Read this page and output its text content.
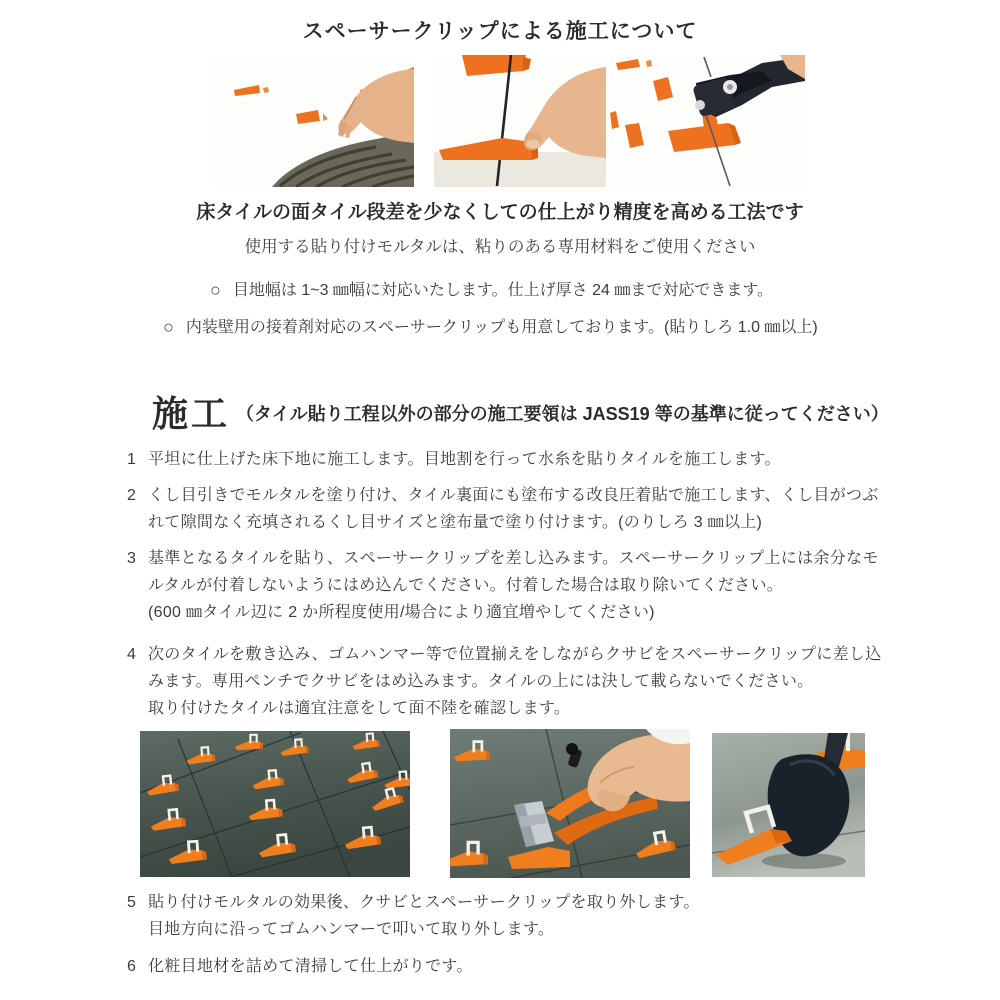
スペーサークリップによる施工について
床タイルの面タイル段差を少なくしての仕上がり精度を高める工法です
使用する貼り付けモルタルは、粘りのある専用材料をご使用ください
○ 目地幅は 1~3 ㎜幅に対応いたします。仕上げ厚さ 24 ㎜まで対応できます。
○ 内装壁用の接着剤対応のスペーサークリップも用意しております。(貼りしろ 1.0 ㎜以上)
施工 （タイル貼り工程以外の部分の施工要領は JASS19 等の基準に従ってください）
1 平坦に仕上げた床下地に施工します。目地割を行って水糸を貼りタイルを施工します。
2 くし目引きでモルタルを塗り付け、タイル裏面にも塗布する改良圧着貼で施工します、くし目がつぶ
れて隙間なく充填されるくし目サイズと塗布量で塗り付けます。(のりしろ 3 ㎜以上)
3 基準となるタイルを貼り、スペーサークリップを差し込みます。スペーサークリップ上には余分なモ
ルタルが付着しないようにはめ込んでください。付着した場合は取り除いてください。
(600 ㎜タイル辺に 2 か所程度使用/場合により適宜増やしてください)
4 次のタイルを敷き込み、ゴムハンマー等で位置揃えをしながらクサビをスペーサークリップに差し込
みます。専用ペンチでクサビをはめ込みます。タイルの上には決して載らないでください。
取り付けたタイルは適宜注意をして面不陸を確認します。
5 貼り付けモルタルの効果後、クサビとスペーサークリップを取り外します。
目地方向に沿ってゴムハンマーで叩いて取り外します。
6 化粧目地材を詰めて清掃して仕上がりです。
